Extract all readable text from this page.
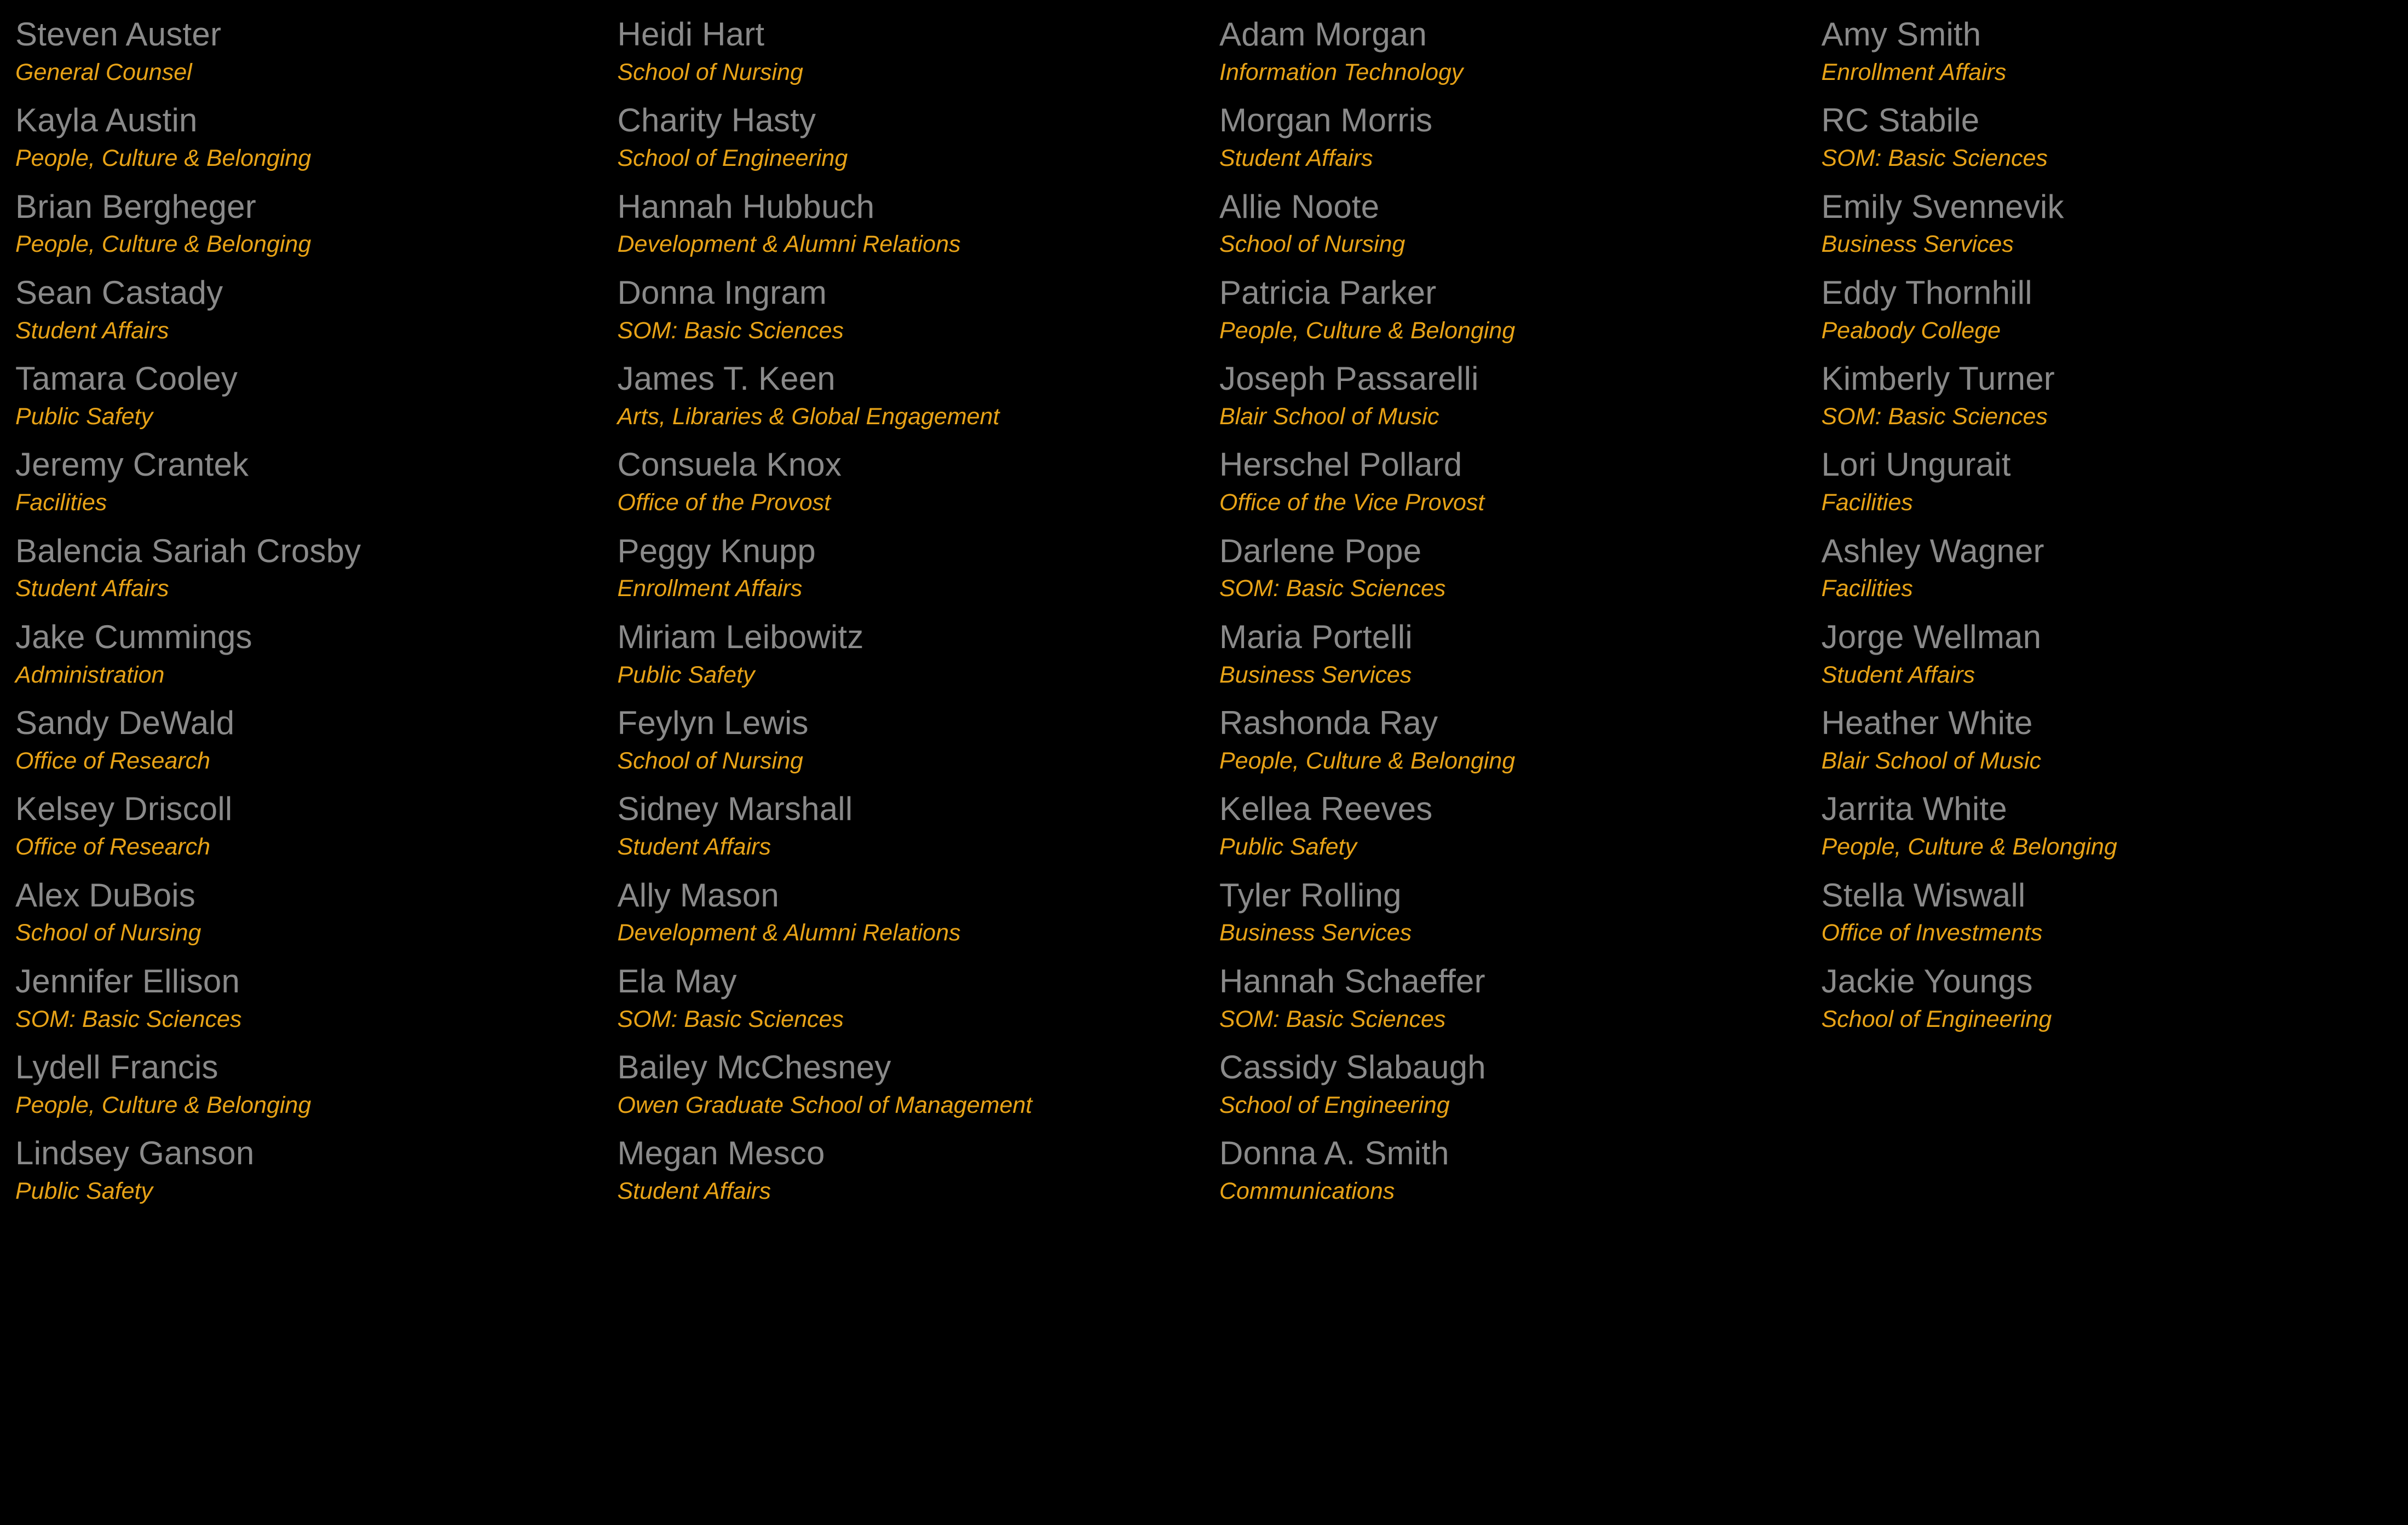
Steven Auster
General Counsel
Kayla Austin
People, Culture & Belonging
Brian Bergheger
People, Culture & Belonging
Sean Castady
Student Affairs
Tamara Cooley
Public Safety
Jeremy Crantek
Facilities
Balencia Sariah Crosby
Student Affairs
Jake Cummings
Administration
Sandy DeWald
Office of Research
Kelsey Driscoll
Office of Research
Alex DuBois
School of Nursing
Jennifer Ellison
SOM: Basic Sciences
Lydell Francis
People, Culture & Belonging
Lindsey Ganson
Public Safety
Heidi Hart
School of Nursing
Charity Hasty
School of Engineering
Hannah Hubbuch
Development & Alumni Relations
Donna Ingram
SOM: Basic Sciences
James T. Keen
Arts, Libraries & Global Engagement
Consuela Knox
Office of the Provost
Peggy Knupp
Enrollment Affairs
Miriam Leibowitz
Public Safety
Feylyn Lewis
School of Nursing
Sidney Marshall
Student Affairs
Ally Mason
Development & Alumni Relations
Ela May
SOM: Basic Sciences
Bailey McChesney
Owen Graduate School of Management
Megan Mesco
Student Affairs
Adam Morgan
Information Technology
Morgan Morris
Student Affairs
Allie Noote
School of Nursing
Patricia Parker
People, Culture & Belonging
Joseph Passarelli
Blair School of Music
Herschel Pollard
Office of the Vice Provost
Darlene Pope
SOM: Basic Sciences
Maria Portelli
Business Services
Rashonda Ray
People, Culture & Belonging
Kellea Reeves
Public Safety
Tyler Rolling
Business Services
Hannah Schaeffer
SOM: Basic Sciences
Cassidy Slabaugh
School of Engineering
Donna A. Smith
Communications
Amy Smith
Enrollment Affairs
RC Stabile
SOM: Basic Sciences
Emily Svennevik
Business Services
Eddy Thornhill
Peabody College
Kimberly Turner
SOM: Basic Sciences
Lori Ungurait
Facilities
Ashley Wagner
Facilities
Jorge Wellman
Student Affairs
Heather White
Blair School of Music
Jarrita White
People, Culture & Belonging
Stella Wiswall
Office of Investments
Jackie Youngs
School of Engineering
